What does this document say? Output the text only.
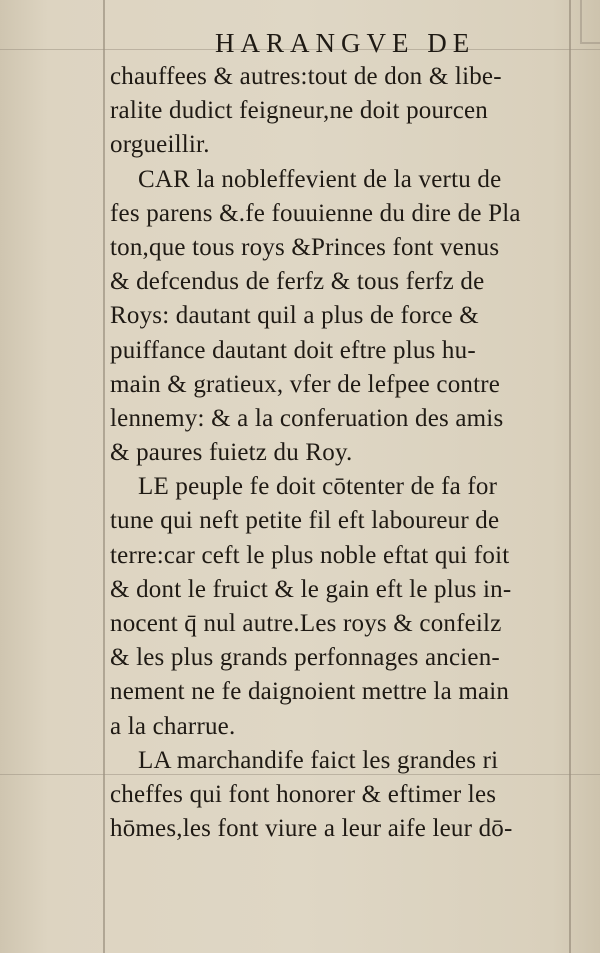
HARANGVE DE
chauffees & autres:tout de don & libe-
ralite dudict feigneur,ne doit pourcen
orgueillir.
CAR la nobleffevient de la vertu de
fes parens &.fe fouuienne du dire de Pla
ton,que tous roys &Princes font venus
& defcendus de ferfz & tous ferfz de
Roys: dautant quil a plus de force &
puiffance dautant doit eftre plus hu-
main & gratieux, vfer de lefpee contre
lennemy: & a la conferuation des amis
& paures fuietz du Roy.
LE peuple fe doit cōtenter de fa for
tune qui neft petite fil eft laboureur de
terre:car ceft le plus noble eftat qui foit
& dont le fruict & le gain eft le plus in-
nocent q̄ nul autre.Les roys & confeilz
& les plus grands perfonnages ancien-
nement ne fe daignoient mettre la main
a la charrue.
LA marchandife faict les grandes ri
cheffes qui font honorer & eftimer les
hōmes,les font viure a leur aife leur dō-
